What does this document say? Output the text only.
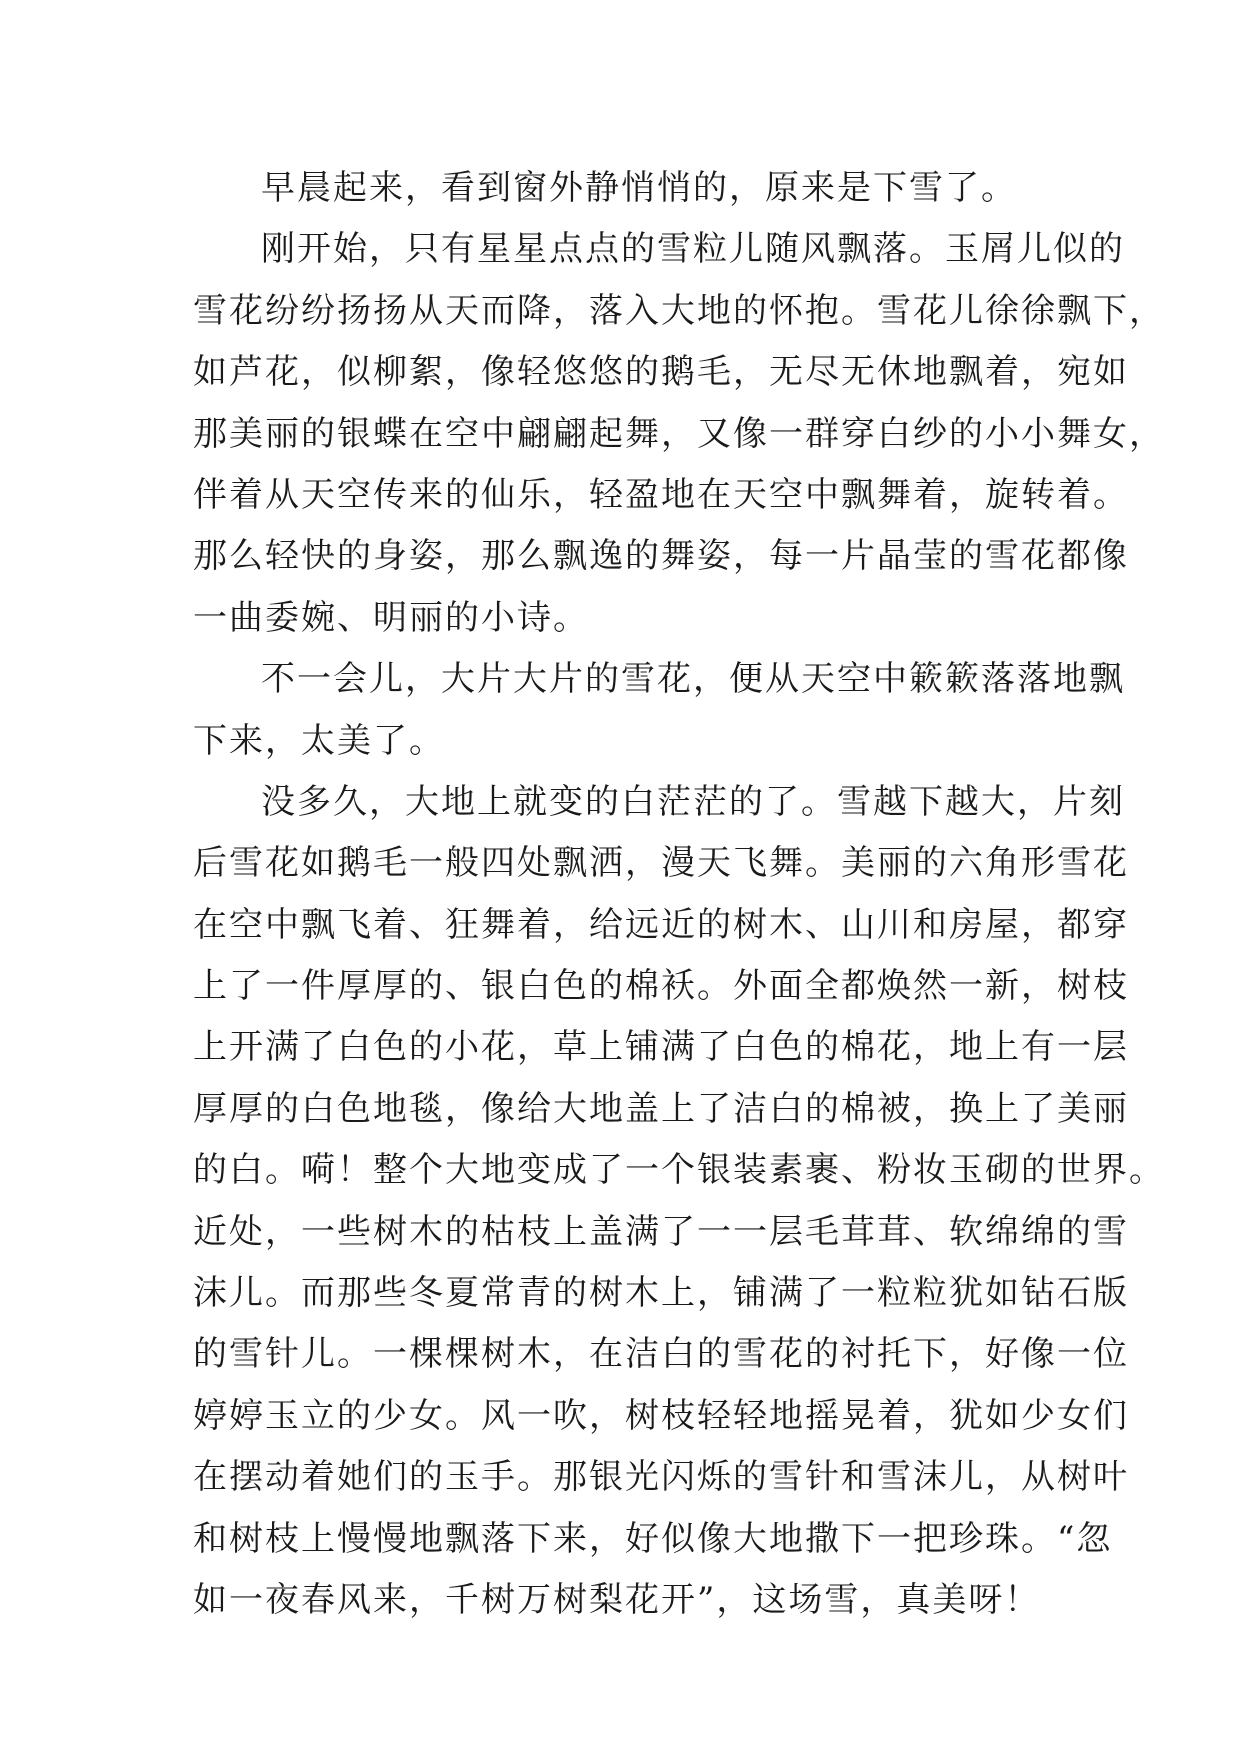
早晨起来，看到窗外静悄悄的，原来是下雪了。
刚开始，只有星星点点的雪粒儿随风飘落。玉屑儿似的
雪花纷纷扬扬从天而降，落入大地的怀抱。雪花儿徐徐飘下，
如芦花，似柳絮，像轻悠悠的鹅毛，无尽无休地飘着，宛如
那美丽的银蝶在空中翩翩起舞，又像一群穿白纱的小小舞女，
伴着从天空传来的仙乐，轻盈地在天空中飘舞着，旋转着。
那么轻快的身姿，那么飘逸的舞姿，每一片晶莹的雪花都像
一曲委婉、明丽的小诗。
不一会儿，大片大片的雪花，便从天空中簌簌落落地飘
下来，太美了。
没多久，大地上就变的白茫茫的了。雪越下越大，片刻
后雪花如鹅毛一般四处飘洒，漫天飞舞。美丽的六角形雪花
在空中飘飞着、狂舞着，给远近的树木、山川和房屋，都穿
上了一件厚厚的、银白色的棉袄。外面全都焕然一新，树枝
上开满了白色的小花，草上铺满了白色的棉花，地上有一层
厚厚的白色地毯，像给大地盖上了洁白的棉被，换上了美丽
的白。嗬！整个大地变成了一个银装素裹、粉妆玉砌的世界。
近处，一些树木的枯枝上盖满了一一层毛茸茸、软绵绵的雪
沫儿。而那些冬夏常青的树木上，铺满了一粒粒犹如钻石版
的雪针儿。一棵棵树木，在洁白的雪花的衬托下，好像一位
婷婷玉立的少女。风一吹，树枝轻轻地摇晃着，犹如少女们
在摆动着她们的玉手。那银光闪烁的雪针和雪沫儿，从树叶
和树枝上慢慢地飘落下来，好似像大地撒下一把珍珠。“忽
如一夜春风来，千树万树梨花开”，这场雪，真美呀！
